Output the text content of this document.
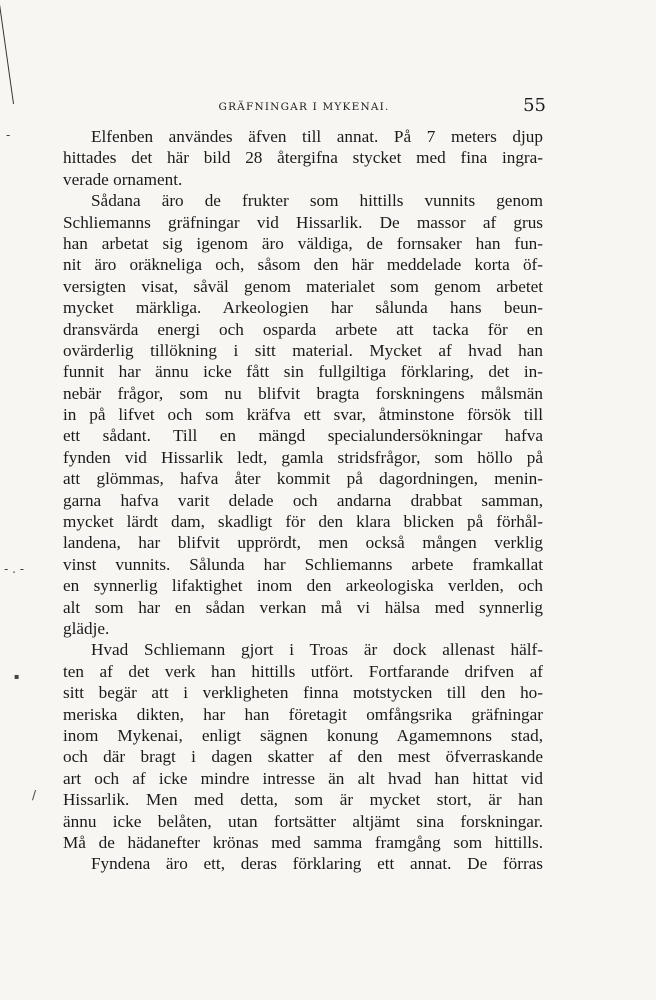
GRÄFNINGAR I MYKENAI.	55
-
- . -
▪
/
Elfenben användes äfven till annat. På 7 meters djup
hittades det här bild 28 återgifna stycket med fina ingra-
verade ornament.
Sådana äro de frukter som hittills vunnits genom
Schliemanns gräfningar vid Hissarlik. De massor af grus
han arbetat sig igenom äro väldiga, de fornsaker han fun-
nit äro oräkneliga och, såsom den här meddelade korta öf-
versigten visat, såväl genom materialet som genom arbetet
mycket märkliga. Arkeologien har sålunda hans beun-
dransvärda energi och osparda arbete att tacka för en
ovärderlig tillökning i sitt material. Mycket af hvad han
funnit har ännu icke fått sin fullgiltiga förklaring, det in-
nebär frågor, som nu blifvit bragta forskningens målsmän
in på lifvet och som kräfva ett svar, åtminstone försök till
ett sådant. Till en mängd specialundersökningar hafva
fynden vid Hissarlik ledt, gamla stridsfrågor, som höllo på
att glömmas, hafva åter kommit på dagordningen, menin-
garna hafva varit delade och andarna drabbat samman,
mycket lärdt dam, skadligt för den klara blicken på förhål-
landena, har blifvit upprördt, men också mången verklig
vinst vunnits. Sålunda har Schliemanns arbete framkallat
en synnerlig lifaktighet inom den arkeologiska verlden, och
alt som har en sådan verkan må vi hälsa med synnerlig
glädje.
Hvad Schliemann gjort i Troas är dock allenast hälf-
ten af det verk han hittills utfört. Fortfarande drifven af
sitt begär att i verkligheten finna motstycken till den ho-
meriska dikten, har han företagit omfångsrika gräfningar
inom Mykenai, enligt sägnen konung Agamemnons stad,
och där bragt i dagen skatter af den mest öfverraskande
art och af icke mindre intresse än alt hvad han hittat vid
Hissarlik. Men med detta, som är mycket stort, är han
ännu icke belåten, utan fortsätter altjämt sina forskningar.
Må de hädanefter krönas med samma framgång som hittills.
Fyndena äro ett, deras förklaring ett annat. De förras
